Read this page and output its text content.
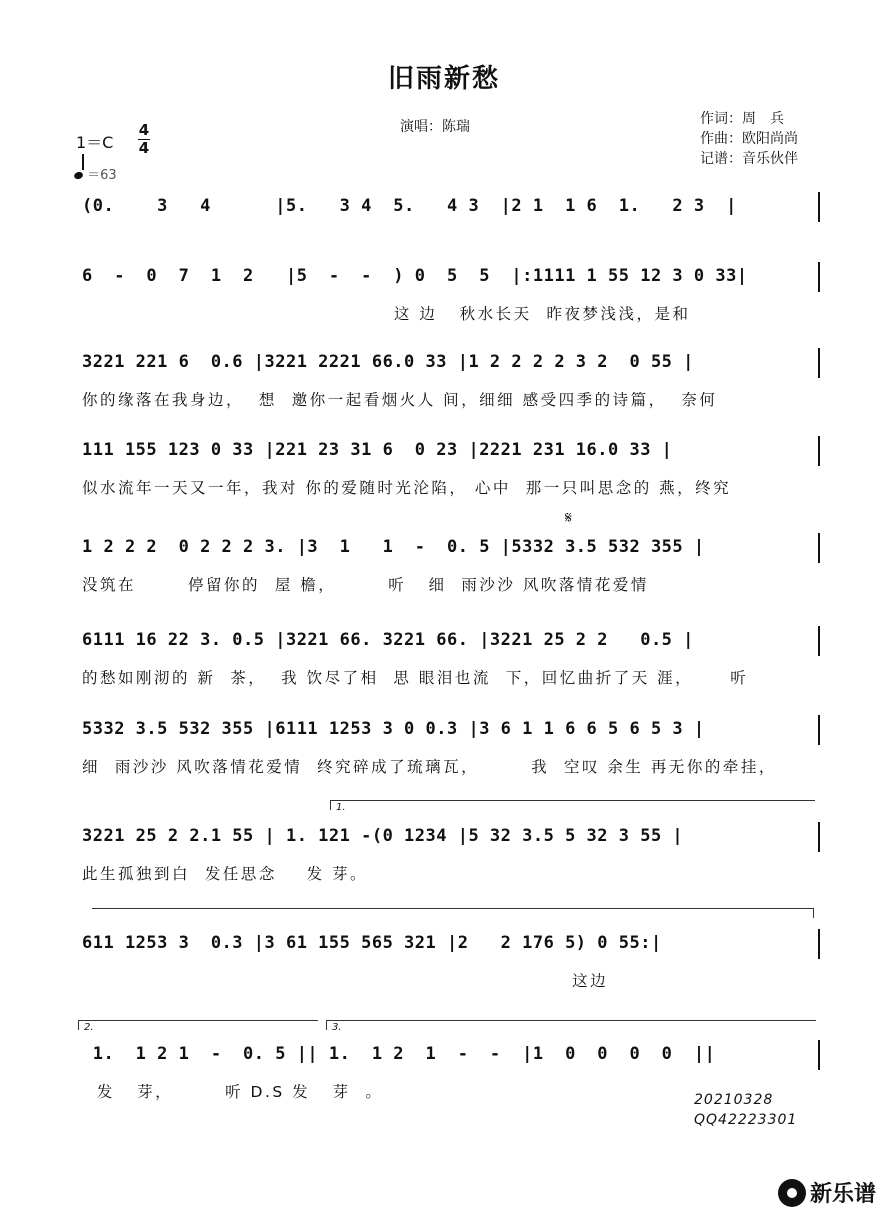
旧雨新愁
演唱：陈瑞	作词：周　兵
作曲：欧阳尚尚
记谱：音乐伙伴
1＝C
4
4
＝63
(0.    3   4      |5.   3 4  5.   4 3  |2 1  1 6  1.   2 3  |
6  -  0  7  1  2   |5  -  -  ) 0  5  5  |:1111 1 55 12 3 0 33|
这 边   秋水长天  昨夜梦浅浅，是和
3221 221 6  0.6 |3221 2221 66.0 33 |1 2 2 2 2 3 2  0 55 |
你的缘落在我身边，  想  邀你一起看烟火人 间，细细 感受四季的诗篇，  奈何
111 155 123 0 33 |221 23 31 6  0 23 |2221 231 16.0 33 |
似水流年一天又一年，我对 你的爱随时光沦陷， 心中  那一只叫思念的 燕，终究
1 2 2 2  0 2 2 2 3. |3  1   1  -  0. 5 |5332 3.5 532 355 |
没筑在       停留你的  屋 檐，       听   细  雨沙沙 风吹落情花爱情
6111 16 22 3. 0.5 |3221 66. 3221 66. |3221 25 2 2   0.5 |
的愁如刚沏的 新  茶，  我 饮尽了相  思 眼泪也流  下，回忆曲折了天 涯，     听
5332 3.5 532 355 |6111 1253 3 0 0.3 |3 6 1 1 6 6 5 6 5 3 |
细  雨沙沙 风吹落情花爱情  终究碎成了琉璃瓦，       我  空叹 余生 再无你的牵挂，
3221 25 2 2.1 55 | 1. 121 -(0 1234 |5 32 3.5 5 32 3 55 |
此生孤独到白  发任思念    发 芽。
611 1253 3  0.3 |3 61 155 565 321 |2   2 176 5) 0 55:|
这边
1.  1 2 1  -  0. 5 || 1.  1 2  1  -  -  |1  0  0  0  0  ||
发   芽，       听 D.S 发   芽  。
𝄋
1.
2.	3.
20210328
QQ42223301
新乐谱
